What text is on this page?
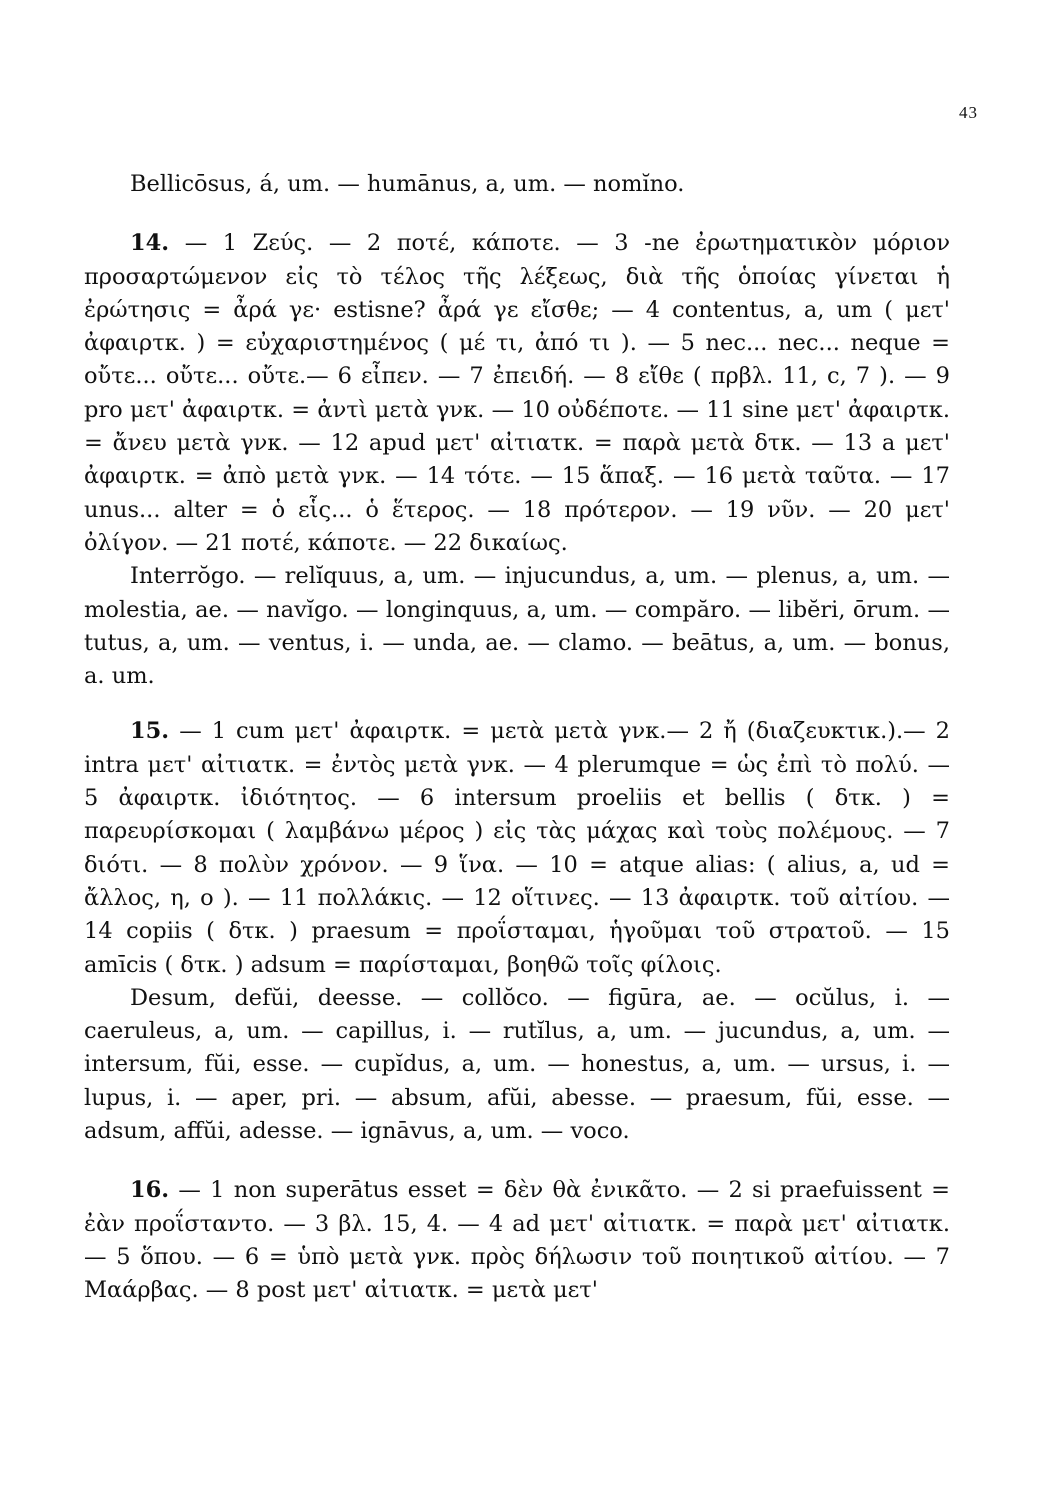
43

Bellicōsus, á, um. — humānus, a, um. — nomĭno.

14. — 1 Ζεύς. — 2 ποτέ, κάποτε. — 3 -ne ἐρωτηματικὸν μόριον προσαρτώμενον εἰς τὸ τέλος τῆς λέξεως, διὰ τῆς ὁποίας γίνεται ἡ ἐρώτησις = ἆρά γε· estisne? ἆρά γε εἴσθε; — 4 contentus, a, um ( μετ' ἀφαιρτκ. ) = εὐχαριστημένος ( μέ τι, ἀπό τι ). — 5 nec... nec... neque = οὔτε... οὔτε... οὔτε.— 6 εἶπεν. — 7 ἐπειδή. — 8 εἴθε ( πρβλ. 11, c, 7 ). — 9 pro μετ' ἀφαιρτκ. = ἀντὶ μετὰ γνκ. — 10 οὐδέποτε. — 11 sine μετ' ἀφαιρτκ. = ἄνευ μετὰ γνκ. — 12 apud μετ' αἰτιατκ. = παρὰ μετὰ δτκ. — 13 a μετ' ἀφαιρτκ. = ἀπὸ μετὰ γνκ. — 14 τότε. — 15 ἅπαξ. — 16 μετὰ ταῦτα. — 17 unus... alter = ὁ εἷς... ὁ ἕτερος. — 18 πρότερον. — 19 νῦν. — 20 μετ' ὀλίγον. — 21 ποτέ, κάποτε. — 22 δικαίως.

Interrŏgo. — relĭquus, a, um. — injucundus, a, um. — plenus, a, um. — molestia, ae. — navĭgo. — longinquus, a, um. — compăro. — libĕri, ōrum. — tutus, a, um. — ventus, i. — unda, ae. — clamo. — beātus, a, um. — bonus, a. um.

15. — 1 cum μετ' ἀφαιρτκ. = μετὰ μετὰ γνκ.— 2 ἤ (διαζευκτικ.).— 2 intra μετ' αἰτιατκ. = ἐντὸς μετὰ γνκ. — 4 plerumque = ὡς ἐπὶ τὸ πολύ. — 5 ἀφαιρτκ. ἰδιότητος. — 6 intersum proeliis et bellis ( δτκ. ) = παρευρίσκομαι ( λαμβάνω μέρος ) εἰς τὰς μάχας καὶ τοὺς πολέμους. — 7 διότι. — 8 πολὺν χρόνον. — 9 ἵνα. — 10 = atque alias: ( alius, a, ud = ἄλλος, η, ο ). — 11 πολλάκις. — 12 οἵτινες. — 13 ἀφαιρτκ. τοῦ αἰτίου. — 14 copiis ( δτκ. ) praesum = προΐσταμαι, ἡγοῦμαι τοῦ στρατοῦ. — 15 amīcis ( δτκ. ) adsum = παρίσταμαι, βοηθῶ τοῖς φίλοις.

Desum, defŭi, deesse. — collŏco. — figūra, ae. — ocŭlus, i. — caeruleus, a, um. — capillus, i. — rutĭlus, a, um. — jucundus, a, um. — intersum, fŭi, esse. — cupĭdus, a, um. — honestus, a, um. — ursus, i. — lupus, i. — aper, pri. — absum, afŭi, abesse. — praesum, fŭi, esse. — adsum, affŭi, adesse. — ignāvus, a, um. — voco.

16. — 1 non superātus esset = δὲν θὰ ἐνικᾶτο. — 2 si praefuissent = ἐὰν προΐσταντο. — 3 βλ. 15, 4. — 4 ad μετ' αἰτιατκ. = παρὰ μετ' αἰτιατκ. — 5 ὅπου. — 6 = ὑπὸ μετὰ γνκ. πρὸς δήλωσιν τοῦ ποιητικοῦ αἰτίου. — 7 Μαάρβας. — 8 post μετ' αἰτιατκ. = μετὰ μετ'
